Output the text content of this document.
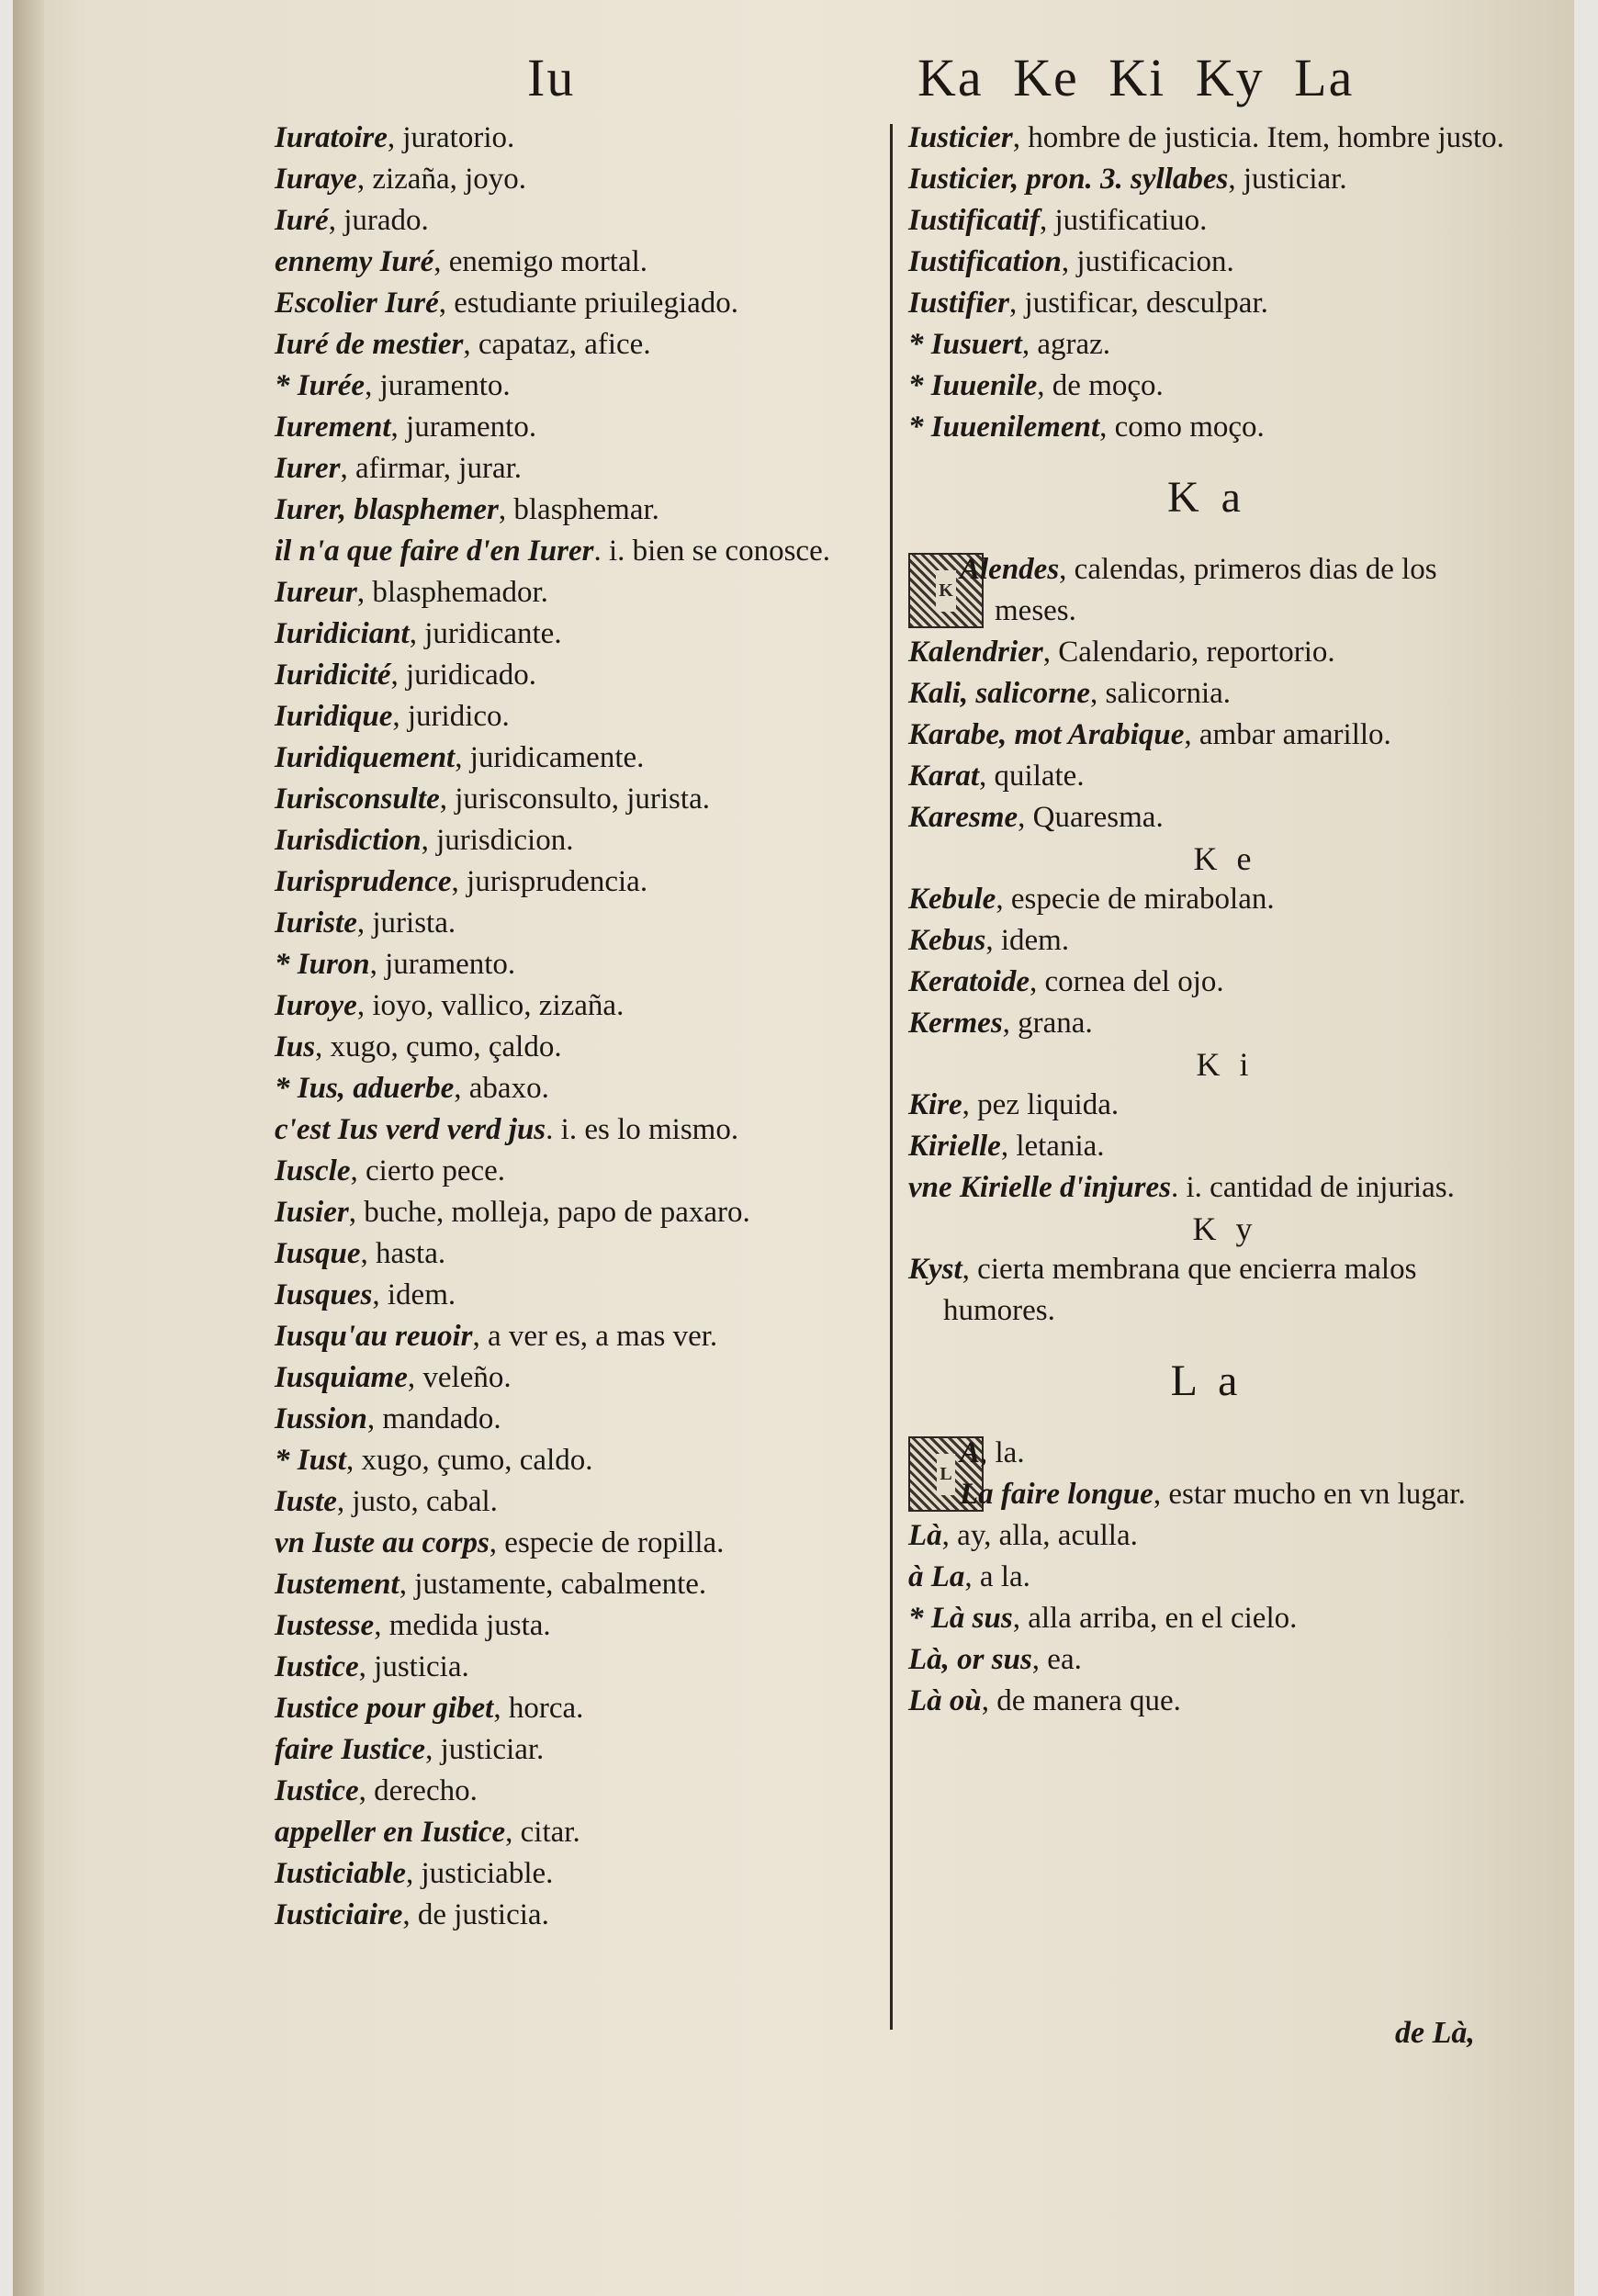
Iu	Ka Ke Ki Ky La
Iuratoire, juratorio.
Iuraye, zizaña, joyo.
Iuré, jurado.
ennemy Iuré, enemigo mortal.
Escolier Iuré, estudiante priuilegiado.
Iuré de mestier, capataz, afice.
* Iurée, juramento.
Iurement, juramento.
Iurer, afirmar, jurar.
Iurer, blasphemer, blasphemar.
il n'a que faire d'en Iurer. i. bien se conosce.
Iureur, blasphemador.
Iuridiciant, juridicante.
Iuridicité, juridicado.
Iuridique, juridico.
Iuridiquement, juridicamente.
Iurisconsulte, jurisconsulto, jurista.
Iurisdiction, jurisdicion.
Iurisprudence, jurisprudencia.
Iuriste, jurista.
* Iuron, juramento.
Iuroye, ioyo, vallico, zizaña.
Ius, xugo, çumo, çaldo.
* Ius, aduerbe, abaxo.
c'est Ius verd verd jus. i. es lo mismo.
Iuscle, cierto pece.
Iusier, buche, molleja, papo de paxaro.
Iusque, hasta.
Iusques, idem.
Iusqu'au reuoir, a ver es, a mas ver.
Iusquiame, veleño.
Iussion, mandado.
* Iust, xugo, çumo, caldo.
Iuste, justo, cabal.
vn Iuste au corps, especie de ropilla.
Iustement, justamente, cabalmente.
Iustesse, medida justa.
Iustice, justicia.
Iustice pour gibet, horca.
faire Iustice, justiciar.
Iustice, derecho.
appeller en Iustice, citar.
Iusticiable, justiciable.
Iusticiaire, de justicia.
Iusticier, hombre de justicia. Item, hombre justo.
Iusticier, pron. 3. syllabes, justiciar.
Iustificatif, justificatiuo.
Iustification, justificacion.
Iustifier, justificar, desculpar.
* Iusuert, agraz.
* Iuuenile, de moço.
* Iuuenilement, como moço.
K a
K
Alendes, calendas, primeros dias de los meses.
Kalendrier, Calendario, reportorio.
Kali, salicorne, salicornia.
Karabe, mot Arabique, ambar amarillo.
Karat, quilate.
Karesme, Quaresma.
K e
Kebule, especie de mirabolan.
Kebus, idem.
Keratoide, cornea del ojo.
Kermes, grana.
K i
Kire, pez liquida.
Kirielle, letania.
vne Kirielle d'injures. i. cantidad de injurias.
K y
Kyst, cierta membrana que encierra malos humores.
L a
L
A, la.
La faire longue, estar mucho en vn lugar.
Là, ay, alla, aculla.
à La, a la.
* Là sus, alla arriba, en el cielo.
Là, or sus, ea.
Là où, de manera que.
de Là,
